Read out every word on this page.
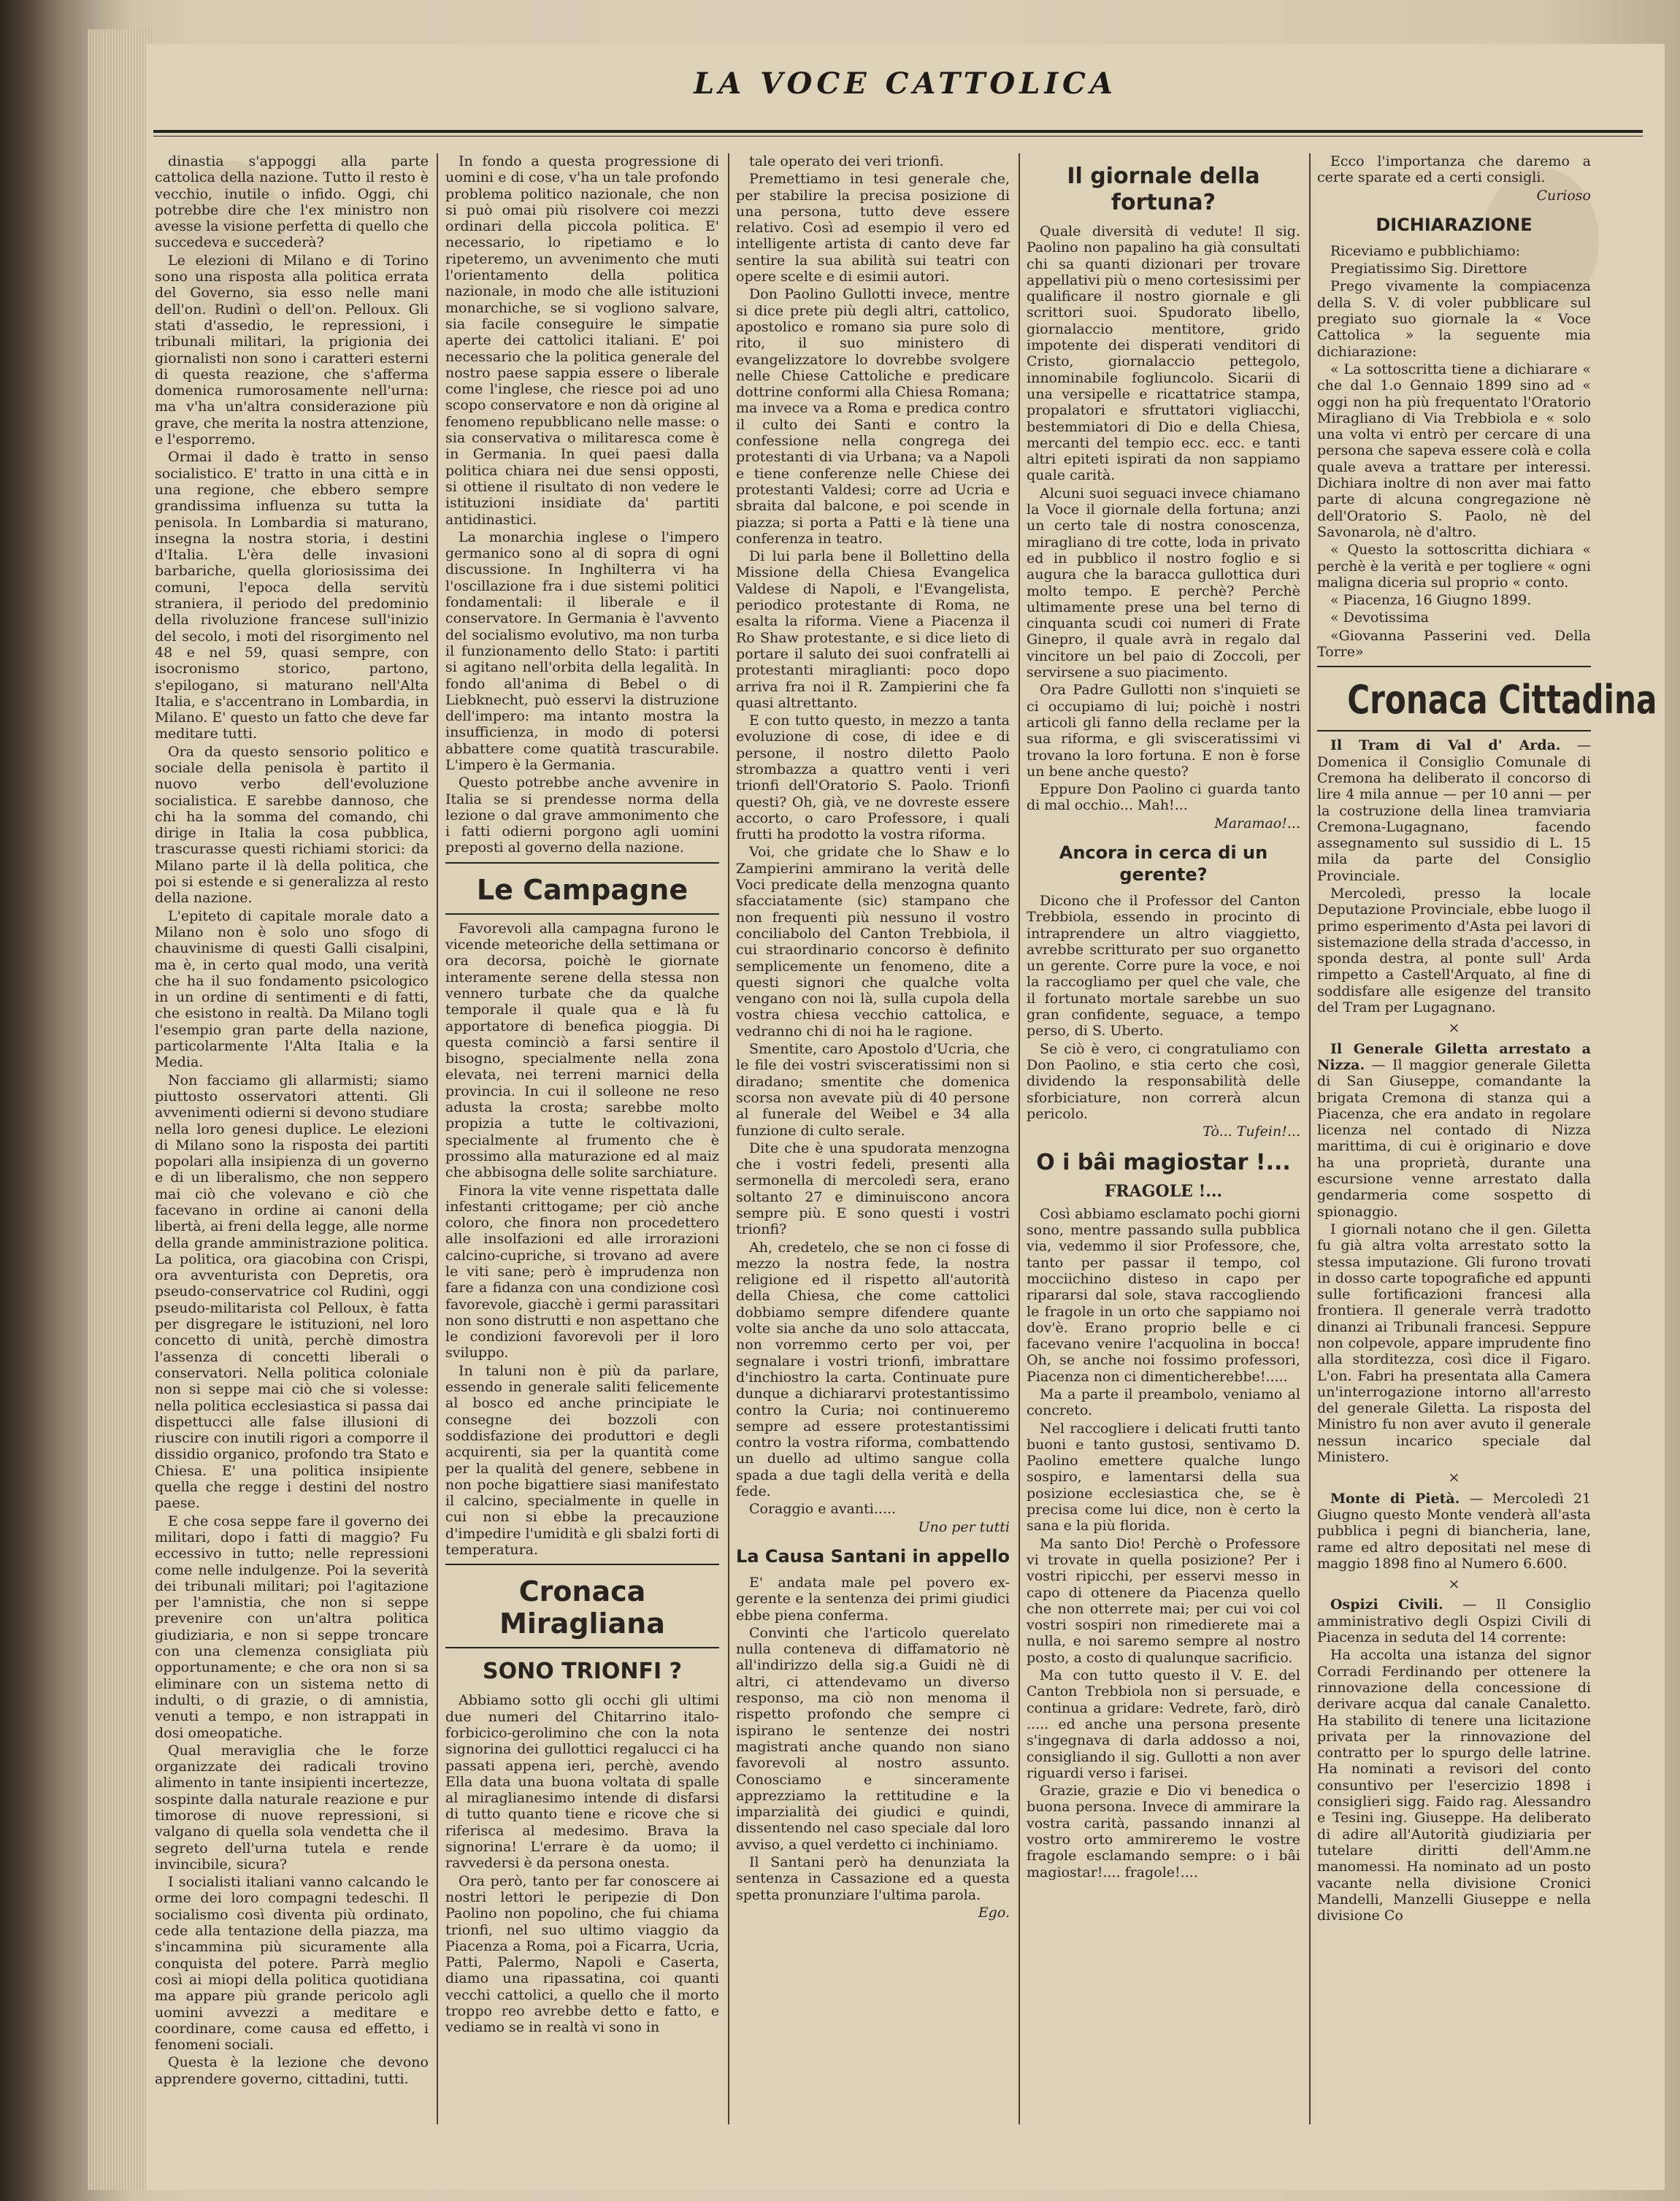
LA VOCE CATTOLICA

dinastia s'appoggi alla parte cattolica della nazione. Tutto il resto è vecchio, inutile o infido. Oggi, chi potrebbe dire che l'ex ministro non avesse la visione perfetta di quello che succedeva e succederà?

Le elezioni di Milano e di Torino sono una risposta alla politica errata del Governo, sia esso nelle mani dell'on. Rudinì o dell'on. Pelloux. Gli stati d'assedio, le repressioni, i tribunali militari, la prigionia dei giornalisti non sono i caratteri esterni di questa reazione, che s'afferma domenica rumorosamente nell'urna: ma v'ha un'altra considerazione più grave, che merita la nostra attenzione, e l'esporremo.

Ormai il dado è tratto in senso socialistico. E' tratto in una città e in una regione, che ebbero sempre grandissima influenza su tutta la penisola. In Lombardia si maturano, insegna la nostra storia, i destini d'Italia. L'èra delle invasioni barbariche, quella gloriosissima dei comuni, l'epoca della servitù straniera, il periodo del predominio della rivoluzione francese sull'inizio del secolo, i moti del risorgimento nel 48 e nel 59, quasi sempre, con isocronismo storico, partono, s'epilogano, si maturano nell'Alta Italia, e s'accentrano in Lombardia, in Milano. E' questo un fatto che deve far meditare tutti.

Ora da questo sensorio politico e sociale della penisola è partito il nuovo verbo dell'evoluzione socialistica. E sarebbe dannoso, che chi ha la somma del comando, chi dirige in Italia la cosa pubblica, trascurasse questi richiami storici: da Milano parte il là della politica, che poi si estende e si generalizza al resto della nazione.

L'epiteto di capitale morale dato a Milano non è solo uno sfogo di chauvinisme di questi Galli cisalpini, ma è, in certo qual modo, una verità che ha il suo fondamento psicologico in un ordine di sentimenti e di fatti, che esistono in realtà. Da Milano togli l'esempio gran parte della nazione, particolarmente l'Alta Italia e la Media.

Non facciamo gli allarmisti; siamo piuttosto osservatori attenti. Gli avvenimenti odierni si devono studiare nella loro genesi duplice. Le elezioni di Milano sono la risposta dei partiti popolari alla insipienza di un governo e di un liberalismo, che non seppero mai ciò che volevano e ciò che facevano in ordine ai canoni della libertà, ai freni della legge, alle norme della grande amministrazione politica. La politica, ora giacobina con Crispi, ora avventurista con Depretis, ora pseudo-conservatrice col Rudinì, oggi pseudo-militarista col Pelloux, è fatta per disgregare le istituzioni, nel loro concetto di unità, perchè dimostra l'assenza di concetti liberali o conservatori. Nella politica coloniale non si seppe mai ciò che si volesse: nella politica ecclesiastica si passa dai dispettucci alle false illusioni di riuscire con inutili rigori a comporre il dissidio organico, profondo tra Stato e Chiesa. E' una politica insipiente quella che regge i destini del nostro paese.

E che cosa seppe fare il governo dei militari, dopo i fatti di maggio? Fu eccessivo in tutto; nelle repressioni come nelle indulgenze. Poi la severità dei tribunali militari; poi l'agitazione per l'amnistia, che non si seppe prevenire con un'altra politica giudiziaria, e non si seppe troncare con una clemenza consigliata più opportunamente; e che ora non si sa eliminare con un sistema netto di indulti, o di grazie, o di amnistia, venuti a tempo, e non istrappati in dosi omeopatiche.

Qual meraviglia che le forze organizzate dei radicali trovino alimento in tante insipienti incertezze, sospinte dalla naturale reazione e pur timorose di nuove repressioni, si valgano di quella sola vendetta che il segreto dell'urna tutela e rende invincibile, sicura?

I socialisti italiani vanno calcando le orme dei loro compagni tedeschi. Il socialismo così diventa più ordinato, cede alla tentazione della piazza, ma s'incammina più sicuramente alla conquista del potere. Parrà meglio così ai miopi della politica quotidiana ma appare più grande pericolo agli uomini avvezzi a meditare e coordinare, come causa ed effetto, i fenomeni sociali.

Questa è la lezione che devono apprendere governo, cittadini, tutti.

In fondo a questa progressione di uomini e di cose, v'ha un tale profondo problema politico nazionale, che non si può omai più risolvere coi mezzi ordinari della piccola politica. E' necessario, lo ripetiamo e lo ripeteremo, un avvenimento che muti l'orientamento della politica nazionale, in modo che alle istituzioni monarchiche, se si vogliono salvare, sia facile conseguire le simpatie aperte dei cattolici italiani. E' poi necessario che la politica generale del nostro paese sappia essere o liberale come l'inglese, che riesce poi ad uno scopo conservatore e non dà origine al fenomeno repubblicano nelle masse: o sia conservativa o militaresca come è in Germania. In quei paesi dalla politica chiara nei due sensi opposti, si ottiene il risultato di non vedere le istituzioni insidiate da' partiti antidinastici.

La monarchia inglese o l'impero germanico sono al di sopra di ogni discussione. In Inghilterra vi ha l'oscillazione fra i due sistemi politici fondamentali: il liberale e il conservatore. In Germania è l'avvento del socialismo evolutivo, ma non turba il funzionamento dello Stato: i partiti si agitano nell'orbita della legalità. In fondo all'anima di Bebel o di Liebknecht, può esservi la distruzione dell'impero: ma intanto mostra la insufficienza, in modo di potersi abbattere come quatità trascurabile. L'impero è la Germania.

Questo potrebbe anche avvenire in Italia se si prendesse norma della lezione o dal grave ammonimento che i fatti odierni porgono agli uomini preposti al governo della nazione.

Le Campagne

Favorevoli alla campagna furono le vicende meteoriche della settimana or ora decorsa, poichè le giornate interamente serene della stessa non vennero turbate che da qualche temporale il quale qua e là fu apportatore di benefica pioggia. Di questa cominciò a farsi sentire il bisogno, specialmente nella zona elevata, nei terreni marnici della provincia. In cui il solleone ne reso adusta la crosta; sarebbe molto propizia a tutte le coltivazioni, specialmente al frumento che è prossimo alla maturazione ed al maiz che abbisogna delle solite sarchiature.

Finora la vite venne rispettata dalle infestanti crittogame; per ciò anche coloro, che finora non procedettero alle insolfazioni ed alle irrorazioni calcino-cupriche, si trovano ad avere le viti sane; però è imprudenza non fare a fidanza con una condizione così favorevole, giacchè i germi parassitari non sono distrutti e non aspettano che le condizioni favorevoli per il loro sviluppo.

In taluni non è più da parlare, essendo in generale saliti felicemente al bosco ed anche principiate le consegne dei bozzoli con soddisfazione dei produttori e degli acquirenti, sia per la quantità come per la qualità del genere, sebbene in non poche bigattiere siasi manifestato il calcino, specialmente in quelle in cui non si ebbe la precauzione d'impedire l'umidità e gli sbalzi forti di temperatura.

Cronaca Miragliana
SONO TRIONFI ?

Abbiamo sotto gli occhi gli ultimi due numeri del Chitarrino italo-forbicico-gerolimino che con la nota signorina dei gullottici regalucci ci ha passati appena ieri, perchè, avendo Ella data una buona voltata di spalle al miraglianesimo intende di disfarsi di tutto quanto tiene e ricove che si riferisca al medesimo. Brava la signorina! L'errare è da uomo; il ravvedersi è da persona onesta.

Ora però, tanto per far conoscere ai nostri lettori le peripezie di Don Paolino non popolino, che fui chiama trionfi, nel suo ultimo viaggio da Piacenza a Roma, poi a Ficarra, Ucria, Patti, Palermo, Napoli e Caserta, diamo una ripassatina, coi quanti vecchi cattolici, a quello che il morto troppo reo avrebbe detto e fatto, e vediamo se in realtà vi sono in

tale operato dei veri trionfi.

Premettiamo in tesi generale che, per stabilire la precisa posizione di una persona, tutto deve essere relativo. Così ad esempio il vero ed intelligente artista di canto deve far sentire la sua abilità sui teatri con opere scelte e di esimii autori.

Don Paolino Gullotti invece, mentre si dice prete più degli altri, cattolico, apostolico e romano sia pure solo di rito, il suo ministero di evangelizzatore lo dovrebbe svolgere nelle Chiese Cattoliche e predicare dottrine conformi alla Chiesa Romana; ma invece va a Roma e predica contro il culto dei Santi e contro la confessione nella congrega dei protestanti di via Urbana; va a Napoli e tiene conferenze nelle Chiese dei protestanti Valdesi; corre ad Ucria e sbraita dal balcone, e poi scende in piazza; si porta a Patti e là tiene una conferenza in teatro.

Di lui parla bene il Bollettino della Missione della Chiesa Evangelica Valdese di Napoli, e l'Evangelista, periodico protestante di Roma, ne esalta la riforma. Viene a Piacenza il Ro Shaw protestante, e si dice lieto di portare il saluto dei suoi confratelli ai protestanti miraglianti: poco dopo arriva fra noi il R. Zampierini che fa quasi altrettanto.

E con tutto questo, in mezzo a tanta evoluzione di cose, di idee e di persone, il nostro diletto Paolo strombazza a quattro venti i veri trionfi dell'Oratorio S. Paolo. Trionfi questi? Oh, già, ve ne dovreste essere accorto, o caro Professore, i quali frutti ha prodotto la vostra riforma.

Voi, che gridate che lo Shaw e lo Zampierini ammirano la verità delle Voci predicate della menzogna quanto sfacciatamente (sic) stampano che non frequenti più nessuno il vostro conciliabolo del Canton Trebbiola, il cui straordinario concorso è definito semplicemente un fenomeno, dite a questi signori che qualche volta vengano con noi là, sulla cupola della vostra chiesa vecchio cattolica, e vedranno chi di noi ha le ragione.

Smentite, caro Apostolo d'Ucria, che le file dei vostri svisceratissimi non si diradano; smentite che domenica scorsa non avevate più di 40 persone al funerale del Weibel e 34 alla funzione di culto serale.

Dite che è una spudorata menzogna che i vostri fedeli, presenti alla sermonella di mercoledì sera, erano soltanto 27 e diminuiscono ancora sempre più. E sono questi i vostri trionfi?

Ah, credetelo, che se non ci fosse di mezzo la nostra fede, la nostra religione ed il rispetto all'autorità della Chiesa, che come cattolici dobbiamo sempre difendere quante volte sia anche da uno solo attaccata, non vorremmo certo per voi, per segnalare i vostri trionfi, imbrattare d'inchiostro la carta. Continuate pure dunque a dichiararvi protestantissimo contro la Curia; noi continueremo sempre ad essere protestantissimi contro la vostra riforma, combattendo un duello ad ultimo sangue colla spada a due tagli della verità e della fede.

Coraggio e avanti.....

Uno per tutti
La Causa Santani in appello

E' andata male pel povero ex-gerente e la sentenza dei primi giudici ebbe piena conferma.

Convinti che l'articolo querelato nulla conteneva di diffamatorio nè all'indirizzo della sig.a Guidi nè di altri, ci attendevamo un diverso responso, ma ciò non menoma il rispetto profondo che sempre ci ispirano le sentenze dei nostri magistrati anche quando non siano favorevoli al nostro assunto. Conosciamo e sinceramente apprezziamo la rettitudine e la imparzialità dei giudici e quindi, dissentendo nel caso speciale dal loro avviso, a quel verdetto ci inchiniamo.

Il Santani però ha denunziata la sentenza in Cassazione ed a questa spetta pronunziare l'ultima parola.

Ego.
Il giornale della fortuna?

Quale diversità di vedute! Il sig. Paolino non papalino ha già consultati chi sa quanti dizionari per trovare appellativi più o meno cortesissimi per qualificare il nostro giornale e gli scrittori suoi. Spudorato libello, giornalaccio mentitore, grido impotente dei disperati venditori di Cristo, giornalaccio pettegolo, innominabile fogliuncolo. Sicarii di una versipelle e ricattatrice stampa, propalatori e sfruttatori vigliacchi, bestemmiatori di Dio e della Chiesa, mercanti del tempio ecc. ecc. e tanti altri epiteti ispirati da non sappiamo quale carità.

Alcuni suoi seguaci invece chiamano la Voce il giornale della fortuna; anzi un certo tale di nostra conoscenza, miragliano di tre cotte, loda in privato ed in pubblico il nostro foglio e si augura che la baracca gullottica duri molto tempo. E perchè? Perchè ultimamente prese una bel terno di cinquanta scudi coi numeri di Frate Ginepro, il quale avrà in regalo dal vincitore un bel paio di Zoccoli, per servirsene a suo piacimento.

Ora Padre Gullotti non s'inquieti se ci occupiamo di lui; poichè i nostri articoli gli fanno della reclame per la sua riforma, e gli svisceratissimi vi trovano la loro fortuna. E non è forse un bene anche questo?

Eppure Don Paolino ci guarda tanto di mal occhio... Mah!...

Maramao!...
Ancora in cerca di un gerente?

Dicono che il Professor del Canton Trebbiola, essendo in procinto di intraprendere un altro viaggietto, avrebbe scritturato per suo organetto un gerente. Corre pure la voce, e noi la raccogliamo per quel che vale, che il fortunato mortale sarebbe un suo gran confidente, seguace, a tempo perso, di S. Uberto.

Se ciò è vero, ci congratuliamo con Don Paolino, e stia certo che così, dividendo la responsabilità delle sforbiciature, non correrà alcun pericolo.

Tò... Tufein!...
O i bâi magiostar !...
FRAGOLE !...

Così abbiamo esclamato pochi giorni sono, mentre passando sulla pubblica via, vedemmo il sior Professore, che, tanto per passar il tempo, col mocciichino disteso in capo per ripararsi dal sole, stava raccogliendo le fragole in un orto che sappiamo noi dov'è. Erano proprio belle e ci facevano venire l'acquolina in bocca! Oh, se anche noi fossimo professori, Piacenza non ci dimenticherebbe!.....

Ma a parte il preambolo, veniamo al concreto.

Nel raccogliere i delicati frutti tanto buoni e tanto gustosi, sentivamo D. Paolino emettere qualche lungo sospiro, e lamentarsi della sua posizione ecclesiastica che, se è precisa come lui dice, non è certo la sana e la più florida.

Ma santo Dio! Perchè o Professore vi trovate in quella posizione? Per i vostri ripicchi, per esservi messo in capo di ottenere da Piacenza quello che non otterrete mai; per cui voi col vostri sospiri non rimedierete mai a nulla, e noi saremo sempre al nostro posto, a costo di qualunque sacrificio.

Ma con tutto questo il V. E. del Canton Trebbiola non si persuade, e continua a gridare: Vedrete, farò, dirò ..... ed anche una persona presente s'ingegnava di darla addosso a noi, consigliando il sig. Gullotti a non aver riguardi verso i farisei.

Grazie, grazie e Dio vi benedica o buona persona. Invece di ammirare la vostra carità, passando innanzi al vostro orto ammireremo le vostre fragole esclamando sempre: o i bâi magiostar!.... fragole!....

Ecco l'importanza che daremo a certe sparate ed a certi consigli.

Curioso
DICHIARAZIONE

Riceviamo e pubblichiamo:

Pregiatissimo Sig. Direttore

Prego vivamente la compiacenza della S. V. di voler pubblicare sul pregiato suo giornale la « Voce Cattolica » la seguente mia dichiarazione:

« La sottoscritta tiene a dichiarare « che dal 1.o Gennaio 1899 sino ad « oggi non ha più frequentato l'Oratorio Miragliano di Via Trebbiola e « solo una volta vi entrò per cercare di una persona che sapeva essere colà e colla quale aveva a trattare per interessi. Dichiara inoltre di non aver mai fatto parte di alcuna congregazione nè dell'Oratorio S. Paolo, nè del Savonarola, nè d'altro.

« Questo la sottoscritta dichiara « perchè è la verità e per togliere « ogni maligna diceria sul proprio « conto.

« Piacenza, 16 Giugno 1899.

« Devotissima

«Giovanna Passerini ved. Della Torre»

Cronaca Cittadina

Il Tram di Val d' Arda. — Domenica il Consiglio Comunale di Cremona ha deliberato il concorso di lire 4 mila annue — per 10 anni — per la costruzione della linea tramviaria Cremona-Lugagnano, facendo assegnamento sul sussidio di L. 15 mila da parte del Consiglio Provinciale.

Mercoledì, presso la locale Deputazione Provinciale, ebbe luogo il primo esperimento d'Asta pei lavori di sistemazione della strada d'accesso, in sponda destra, al ponte sull' Arda rimpetto a Castell'Arquato, al fine di soddisfare alle esigenze del transito del Tram per Lugagnano.

×

Il Generale Giletta arrestato a Nizza. — Il maggior generale Giletta di San Giuseppe, comandante la brigata Cremona di stanza qui a Piacenza, che era andato in regolare licenza nel contado di Nizza marittima, di cui è originario e dove ha una proprietà, durante una escursione venne arrestato dalla gendarmeria come sospetto di spionaggio.

I giornali notano che il gen. Giletta fu già altra volta arrestato sotto la stessa imputazione. Gli furono trovati in dosso carte topografiche ed appunti sulle fortificazioni francesi alla frontiera. Il generale verrà tradotto dinanzi ai Tribunali francesi. Seppure non colpevole, appare imprudente fino alla storditezza, così dice il Figaro. L'on. Fabri ha presentata alla Camera un'interrogazione intorno all'arresto del generale Giletta. La risposta del Ministro fu non aver avuto il generale nessun incarico speciale dal Ministero.

×

Monte di Pietà. — Mercoledì 21 Giugno questo Monte venderà all'asta pubblica i pegni di biancheria, lane, rame ed altro depositati nel mese di maggio 1898 fino al Numero 6.600.

×

Ospizi Civili. — Il Consiglio amministrativo degli Ospizi Civili di Piacenza in seduta del 14 corrente:

Ha accolta una istanza del signor Corradi Ferdinando per ottenere la rinnovazione della concessione di derivare acqua dal canale Canaletto. Ha stabilito di tenere una licitazione privata per la rinnovazione del contratto per lo spurgo delle latrine. Ha nominati a revisori del conto consuntivo per l'esercizio 1898 i consiglieri sigg. Faido rag. Alessandro e Tesini ing. Giuseppe. Ha deliberato di adire all'Autorità giudiziaria per tutelare diritti dell'Amm.ne manomessi. Ha nominato ad un posto vacante nella divisione Cronici Mandelli, Manzelli Giuseppe e nella divisione Co
